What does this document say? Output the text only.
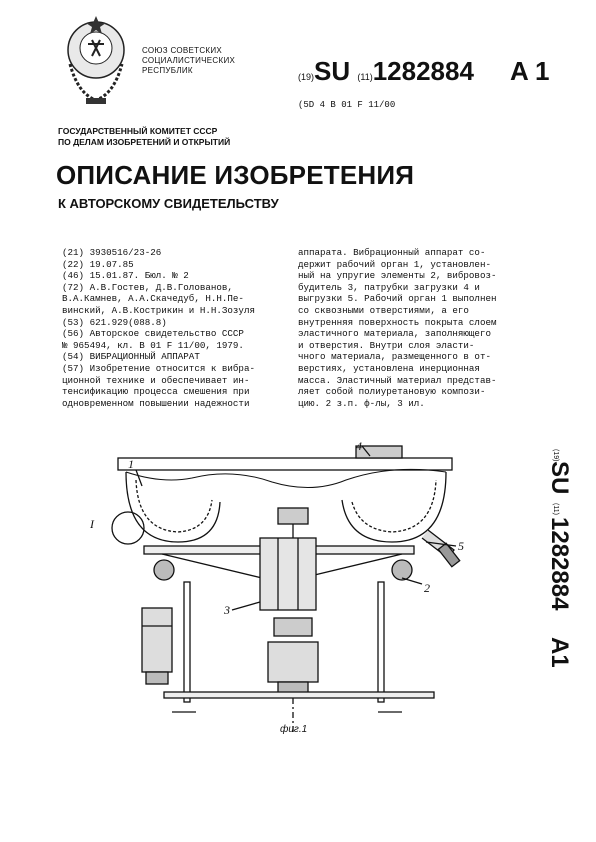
СОЮЗ СОВЕТСКИХ
СОЦИАЛИСТИЧЕСКИХ
РЕСПУБЛИК
(19)SU (11)1282884 A 1
(5D 4 B 01 F 11/00
ГОСУДАРСТВЕННЫЙ КОМИТЕТ СССР
ПО ДЕЛАМ ИЗОБРЕТЕНИЙ И ОТКРЫТИЙ
ОПИСАНИЕ ИЗОБРЕТЕНИЯ
К АВТОРСКОМУ СВИДЕТЕЛЬСТВУ
(21) 3930516/23-26
(22) 19.07.85
(46) 15.01.87. Бюл. № 2
(72) А.В.Гостев, Д.В.Голованов,
В.А.Камнев, А.А.Скачедуб, Н.Н.Пе-
винский, А.В.Кострикин и Н.Н.Зозуля
(53) 621.929(088.8)
(56) Авторское свидетельство СССР
№ 965494, кл. В 01 F 11/00, 1979.
(54) ВИБРАЦИОННЫЙ АППАРАТ
(57) Изобретение относится к вибра-
ционной технике и обеспечивает ин-
тенсификацию процесса смешения при
одновременном повышении надежности
аппарата. Вибрационный аппарат со-
держит рабочий орган 1, установлен-
ный на упругие элементы 2, вибровоз-
будитель 3, патрубки загрузки 4 и
выгрузки 5. Рабочий орган 1 выполнен
со сквозными отверстиями, а его
внутренняя поверхность покрыта слоем
эластичного материала, заполняющего
и отверстия. Внутри слоя эласти-
чного материала, размещенного в от-
верстиях, установлена инерционная
масса. Эластичный материал представ-
ляет собой полиуретановую компози-
цию. 2 з.п. ф-лы, 3 ил.
(19)
SU
(11)
1282884
A1
1
I
2
3
4
5
фиг.1
